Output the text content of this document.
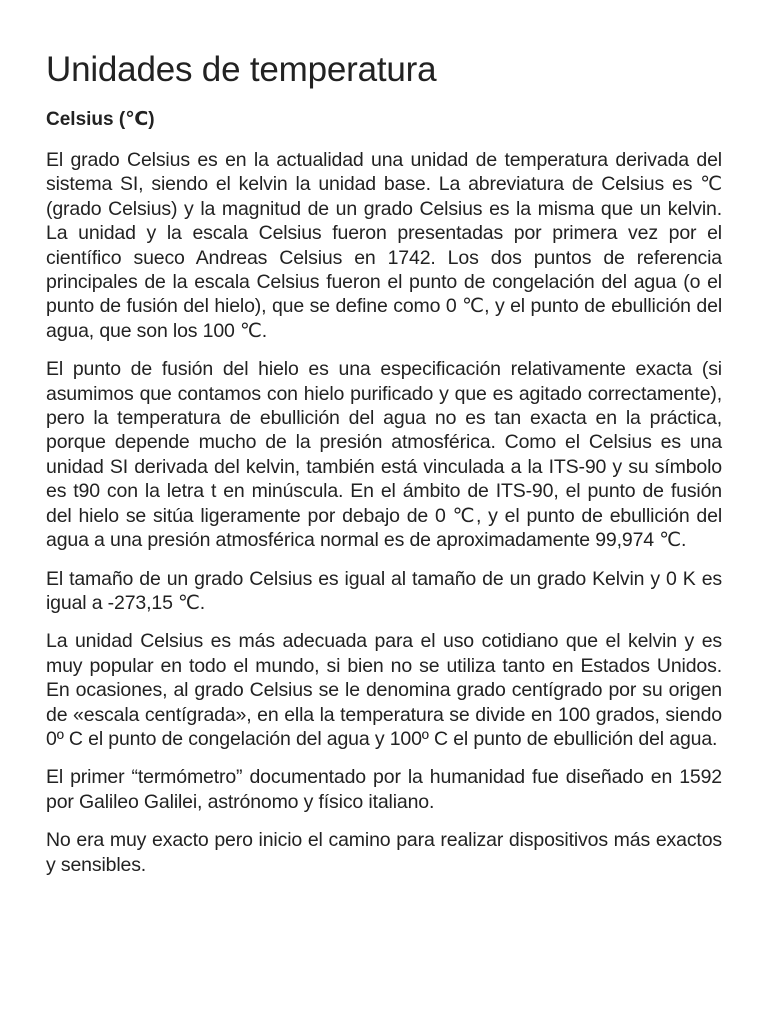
Unidades de temperatura
Celsius (℃)

El grado Celsius es en la actualidad una unidad de temperatura derivada del sistema SI, siendo el kelvin la unidad base. La abreviatura de Celsius es ℃ (grado Celsius) y la magnitud de un grado Celsius es la misma que un kelvin. La unidad y la escala Celsius fueron presentadas por primera vez por el científico sueco Andreas Celsius en 1742. Los dos puntos de referencia principales de la escala Celsius fueron el punto de congelación del agua (o el punto de fusión del hielo), que se define como 0 ℃, y el punto de ebullición del agua, que son los 100 ℃.

El punto de fusión del hielo es una especificación relativamente exacta (si asumimos que contamos con hielo purificado y que es agitado correctamente), pero la temperatura de ebullición del agua no es tan exacta en la práctica, porque depende mucho de la presión atmosférica. Como el Celsius es una unidad SI derivada del kelvin, también está vinculada a la ITS-90 y su símbolo es t90 con la letra t en minúscula. En el ámbito de ITS-90, el punto de fusión del hielo se sitúa ligeramente por debajo de 0 ℃, y el punto de ebullición del agua a una presión atmosférica normal es de aproximadamente 99,974 ℃.

El tamaño de un grado Celsius es igual al tamaño de un grado Kelvin y 0 K es igual a -273,15 ℃.

La unidad Celsius es más adecuada para el uso cotidiano que el kelvin y es muy popular en todo el mundo, si bien no se utiliza tanto en Estados Unidos. En ocasiones, al grado Celsius se le denomina grado centígrado por su origen de «escala centígrada», en ella la temperatura se divide en 100 grados, siendo 0º C el punto de congelación del agua y 100º C el punto de ebullición del agua.

El primer “termómetro” documentado por la humanidad fue diseñado en 1592 por Galileo Galilei, astrónomo y físico italiano.

No era muy exacto pero inicio el camino para realizar dispositivos más exactos y sensibles.
